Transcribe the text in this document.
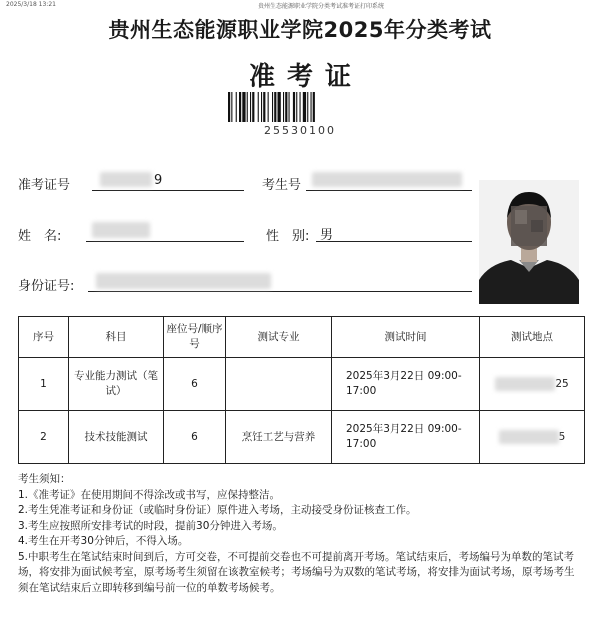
2025/3/18 13:21	贵州生态能源职业学院分类考试准考证打印系统
贵州生态能源职业学院2025年分类考试
准考证
25530100
准考证号	9	考生号
姓　名:	性　别: 男
身份证号:
序号	科目	座位号/顺序号	测试专业	测试时间	测试地点
1	专业能力测试（笔试）	6		2025年3月22日 09:00-17:00	25
2	技术技能测试	6	烹饪工艺与营养	2025年3月22日 09:00-17:00	5
考生须知：
1.《准考证》在使用期间不得涂改或书写，应保持整洁。
2.考生凭准考证和身份证（或临时身份证）原件进入考场，主动接受身份证核查工作。
3.考生应按照所安排考试的时段，提前30分钟进入考场。
4.考生在开考30分钟后，不得入场。
5.中职考生在笔试结束时间到后，方可交卷，不可提前交卷也不可提前离开考场。笔试结束后，考场编号为单数的笔试考场，将安排为面试候考室，原考场考生须留在该教室候考；考场编号为双数的笔试考场，将安排为面试考场，原考场考生须在笔试结束后立即转移到编号前一位的单数考场候考。
